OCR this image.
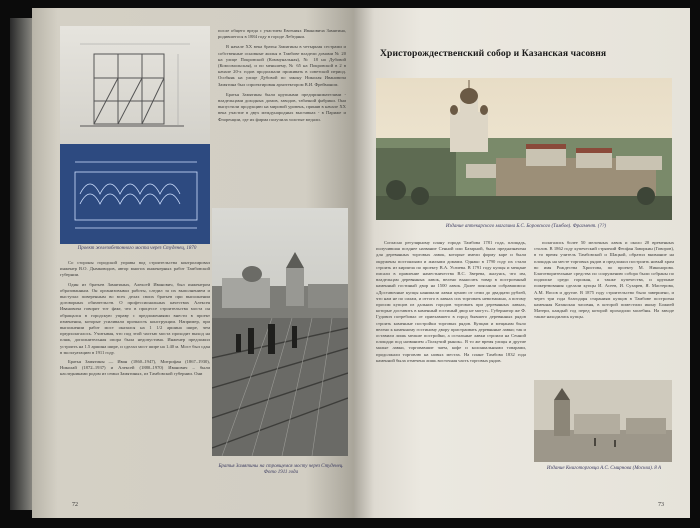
Проект железобетонного моста через Студенец, 1870
после общего вреда с участием Евгениях Ивановича Замятина, родившегося в 1884 году в городе Лебедяни.

В начале XX века братья Замятины в четырьмя сестрами и собственные основные жилья в Тамбове владели домами № 20 на улице Покровской (Коммунальная), № 18 на Дубовой (Комсомольская), и по меньшему, № 65 на Покровской в 2 в начале 20-х годов продолжали проживать в советской период. Особняк на улице Дубовой по закону Николая Ивановича Замятина был спроектирован архитектором В.И. Фрейманом.

Братья Замятины были крупными предпринимателями - владельцами доходных домов, заводов, табачной фабрики. Они выпустили продукцию на мировой уровень, приняв в начале XX века участие в двух международных выставках - в Париже и Флоренции, где их фирма получила золотые медали.

Со стороны городской управы вод строительства контролировал инженер В.О. Дымковидов, автор многих инженерных работ Тамбовской губернии.

Один из братьев Замятиных, Алексей Иванович, был инженером образованным. Он организовывал работы, следил за их выполнением и выступал поверенным во всех делах своих братьев при выполнении договорных обязательств. О профессиональных качествах Алексея Ивановича говорит тот факт, что в процессе строительства моста он обращался в городскую управу с предложениями внести в проект изменения, которые усиливали прочность конструкции. Например, при выполнении работ мост оказался на 1 1/2 аршина шире, чем предполагалось. Учитывая, что под этой частью моста проходит выход на пляж, дополнительная опора была недопустима. Инженер предложил устроить на 1.5 аршина шире, и сделал мост шире на 1.40 м. Мост был сдан в эксплуатацию в 1911 году.

Братья Замятины — Иван (1860–1947), Митрофан (1867–1930), Николай (1872–1937) и Алексей (1880–1970) Иванович – были наследниками родом из семьи Замятиных, из Тамбовской губернии. Они

Братья Замятины на строящемся мосту через Студенец. Фото 1911 года
72
Христорождественский собор и Казанская часовня
Издание аптекарского магазина Б.С. Боровского (Тамбов). Фрагмент. (??)

Согласно регулярному плану города Тамбова 1781 года, площадь, получившая позднее название Сенной или Базарной, была предназначена для деревянных торговых лавок, которые имели форму каре и были окружены постоялыми и жилыми домами. Однако в 1790 году их стали строить из кирпича по проекту В.А. Усачева. В 1791 году купцы и мещане писали в правление наместничества В.С. Зверева, жалуясь, что им, владельцам деревянных лавок, велено выносить товар в построенный каменный гостиный двор на 1500 лавок. Далее пояснили собравшимся: «Доставочные купцы нанимали лавки ценою от семи до двадцати рублей, что нам не по силам, и оттого в лавках сих торговать невозможно, а потому просим купцов из дальних городов торговать при деревянных лавках, которые доставить в каменный гостиный двор не могут». Губернатор же Ф. Гудович потребовал от приехавшего в город бывшего деревянных рядов строить каменные постройки торговых рядов. Купцам и мещанам было велено к каменному гостиному двору пристраивать деревянные лавки; так и оставили лишь мелкие постройки, а остальные лавки строили на Сенной площади под названием «Толкучий рынок». В то же время улицы и другие малые лавки, торговавшие чаем, кофе и колониальными товарами, продолжали торговлю на новых местах. На плане Тамбова 1832 года каменной была отмечена лишь восточная часть торговых рядов.

полагались более 50 мелочных лавок и около 20 временных столов. В 1862 году купеческий стряпчий Феофан Заворкин (Говоров), в то время учитель Тамбовской и Шацкой, обратил внимание на площадь на месте торговых рядов и предложил построить новый храм во имя Рождества Христова, по проекту М. Никонорова. Благотворительные средства по сооружению собора были собраны по подписке среди горожан, а также купечества, и крупные пожертвования сделали купцы И. Асеев, И. Сухарев, Я. Мастерова, А.М. Носов и другие. В 1875 году строительство было завершено, и через три года благодаря стараниям купцов в Тамбове построена каменная Казанская часовня, в которой поместили икону Божией Матери, каждый год перед которой проходили молебны. На заводе также находились купцы.

Издание Книготорговца А.С. Смирнова (Москва). 8 А
73
